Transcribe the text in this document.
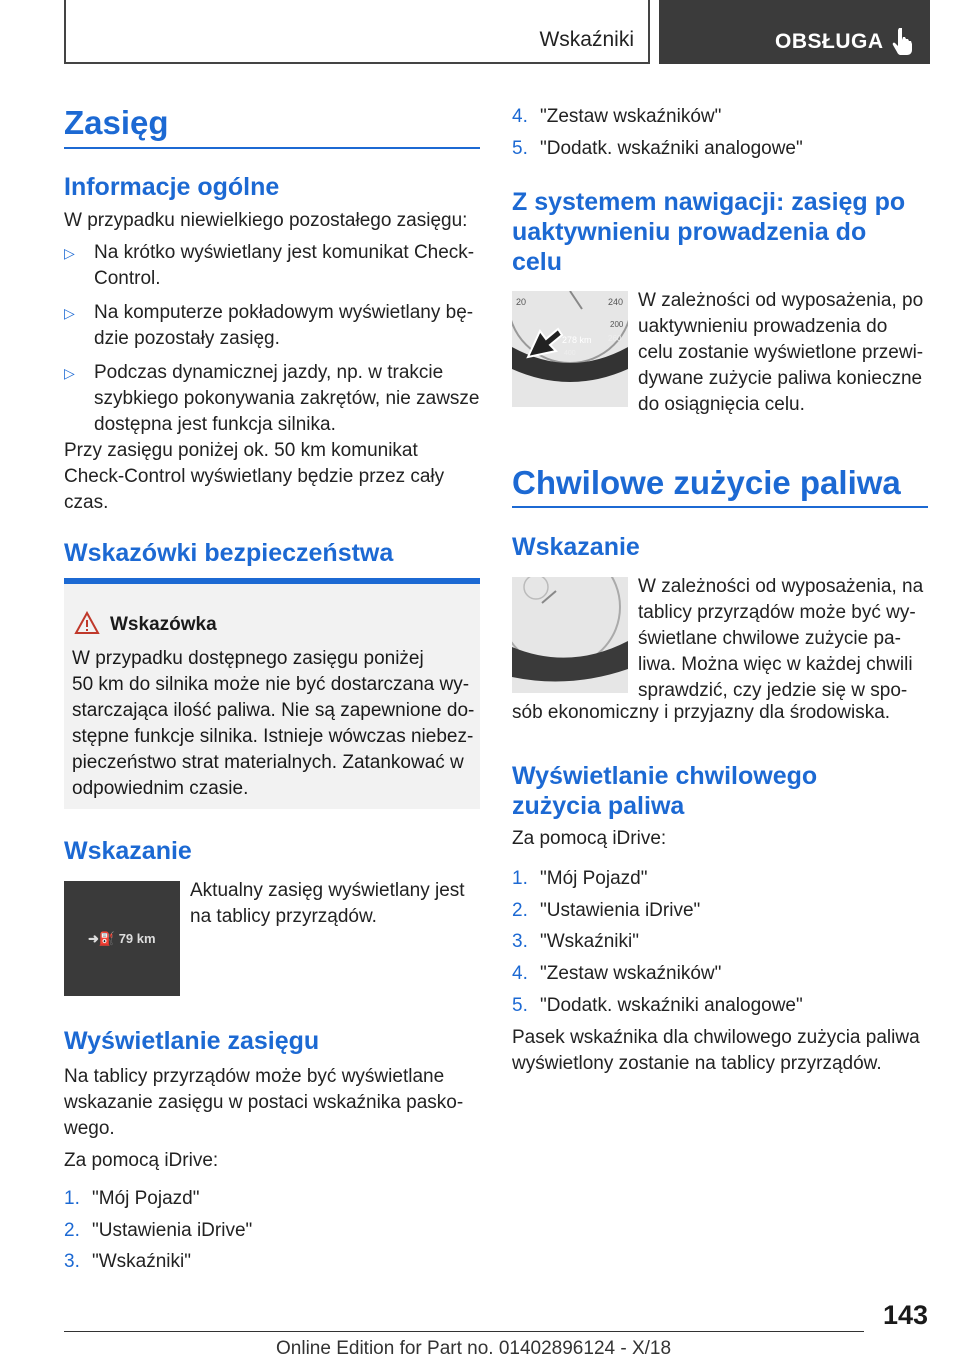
Wskaźniki	OBSŁUGA
Zasięg
Informacje ogólne
W przypadku niewielkiego pozostałego zasięgu:
▷ Na krótko wyświetlany jest komunikat Check-
Control.
▷ Na komputerze pokładowym wyświetlany bę-
dzie pozostały zasięg.
▷ Podczas dynamicznej jazdy, np. w trakcie
szybkiego pokonywania zakrętów, nie zawsze
dostępna jest funkcja silnika.
Przy zasięgu poniżej ok. 50 km komunikat
Check-Control wyświetlany będzie przez cały
czas.
Wskazówki bezpieczeństwa
Wskazówka
W przypadku dostępnego zasięgu poniżej
50 km do silnika może nie być dostarczana wy-
starczająca ilość paliwa. Nie są zapewnione do-
stępne funkcje silnika. Istnieje wówczas niebez-
pieczeństwo strat materialnych. Zatankować w
odpowiednim czasie.
Wskazanie
➜⛽ 79 km
Aktualny zasięg wyświetlany jest
na tablicy przyrządów.
Wyświetlanie zasięgu
Na tablicy przyrządów może być wyświetlane
wskazanie zasięgu w postaci wskaźnika pasko-
wego.
Za pomocą iDrive:
1. "Mój Pojazd"
2. "Ustawienia iDrive"
3. "Wskaźniki"
4. "Zestaw wskaźników"
5. "Dodatk. wskaźniki analogowe"
Z systemem nawigacji: zasięg po
uaktywnieniu prowadzenia do
celu
20	240
200
260
278 km
400
W zależności od wyposażenia, po
uaktywnieniu prowadzenia do
celu zostanie wyświetlone przewi-
dywane zużycie paliwa konieczne
do osiągnięcia celu.
Chwilowe zużycie paliwa
Wskazanie
W zależności od wyposażenia, na
tablicy przyrządów może być wy-
świetlane chwilowe zużycie pa-
liwa. Można więc w każdej chwili
sprawdzić, czy jedzie się w spo-
sób ekonomiczny i przyjazny dla środowiska.
Wyświetlanie chwilowego
zużycia paliwa
Za pomocą iDrive:
1. "Mój Pojazd"
2. "Ustawienia iDrive"
3. "Wskaźniki"
4. "Zestaw wskaźników"
5. "Dodatk. wskaźniki analogowe"
Pasek wskaźnika dla chwilowego zużycia paliwa
wyświetlony zostanie na tablicy przyrządów.
143
Online Edition for Part no. 01402896124 - X/18
